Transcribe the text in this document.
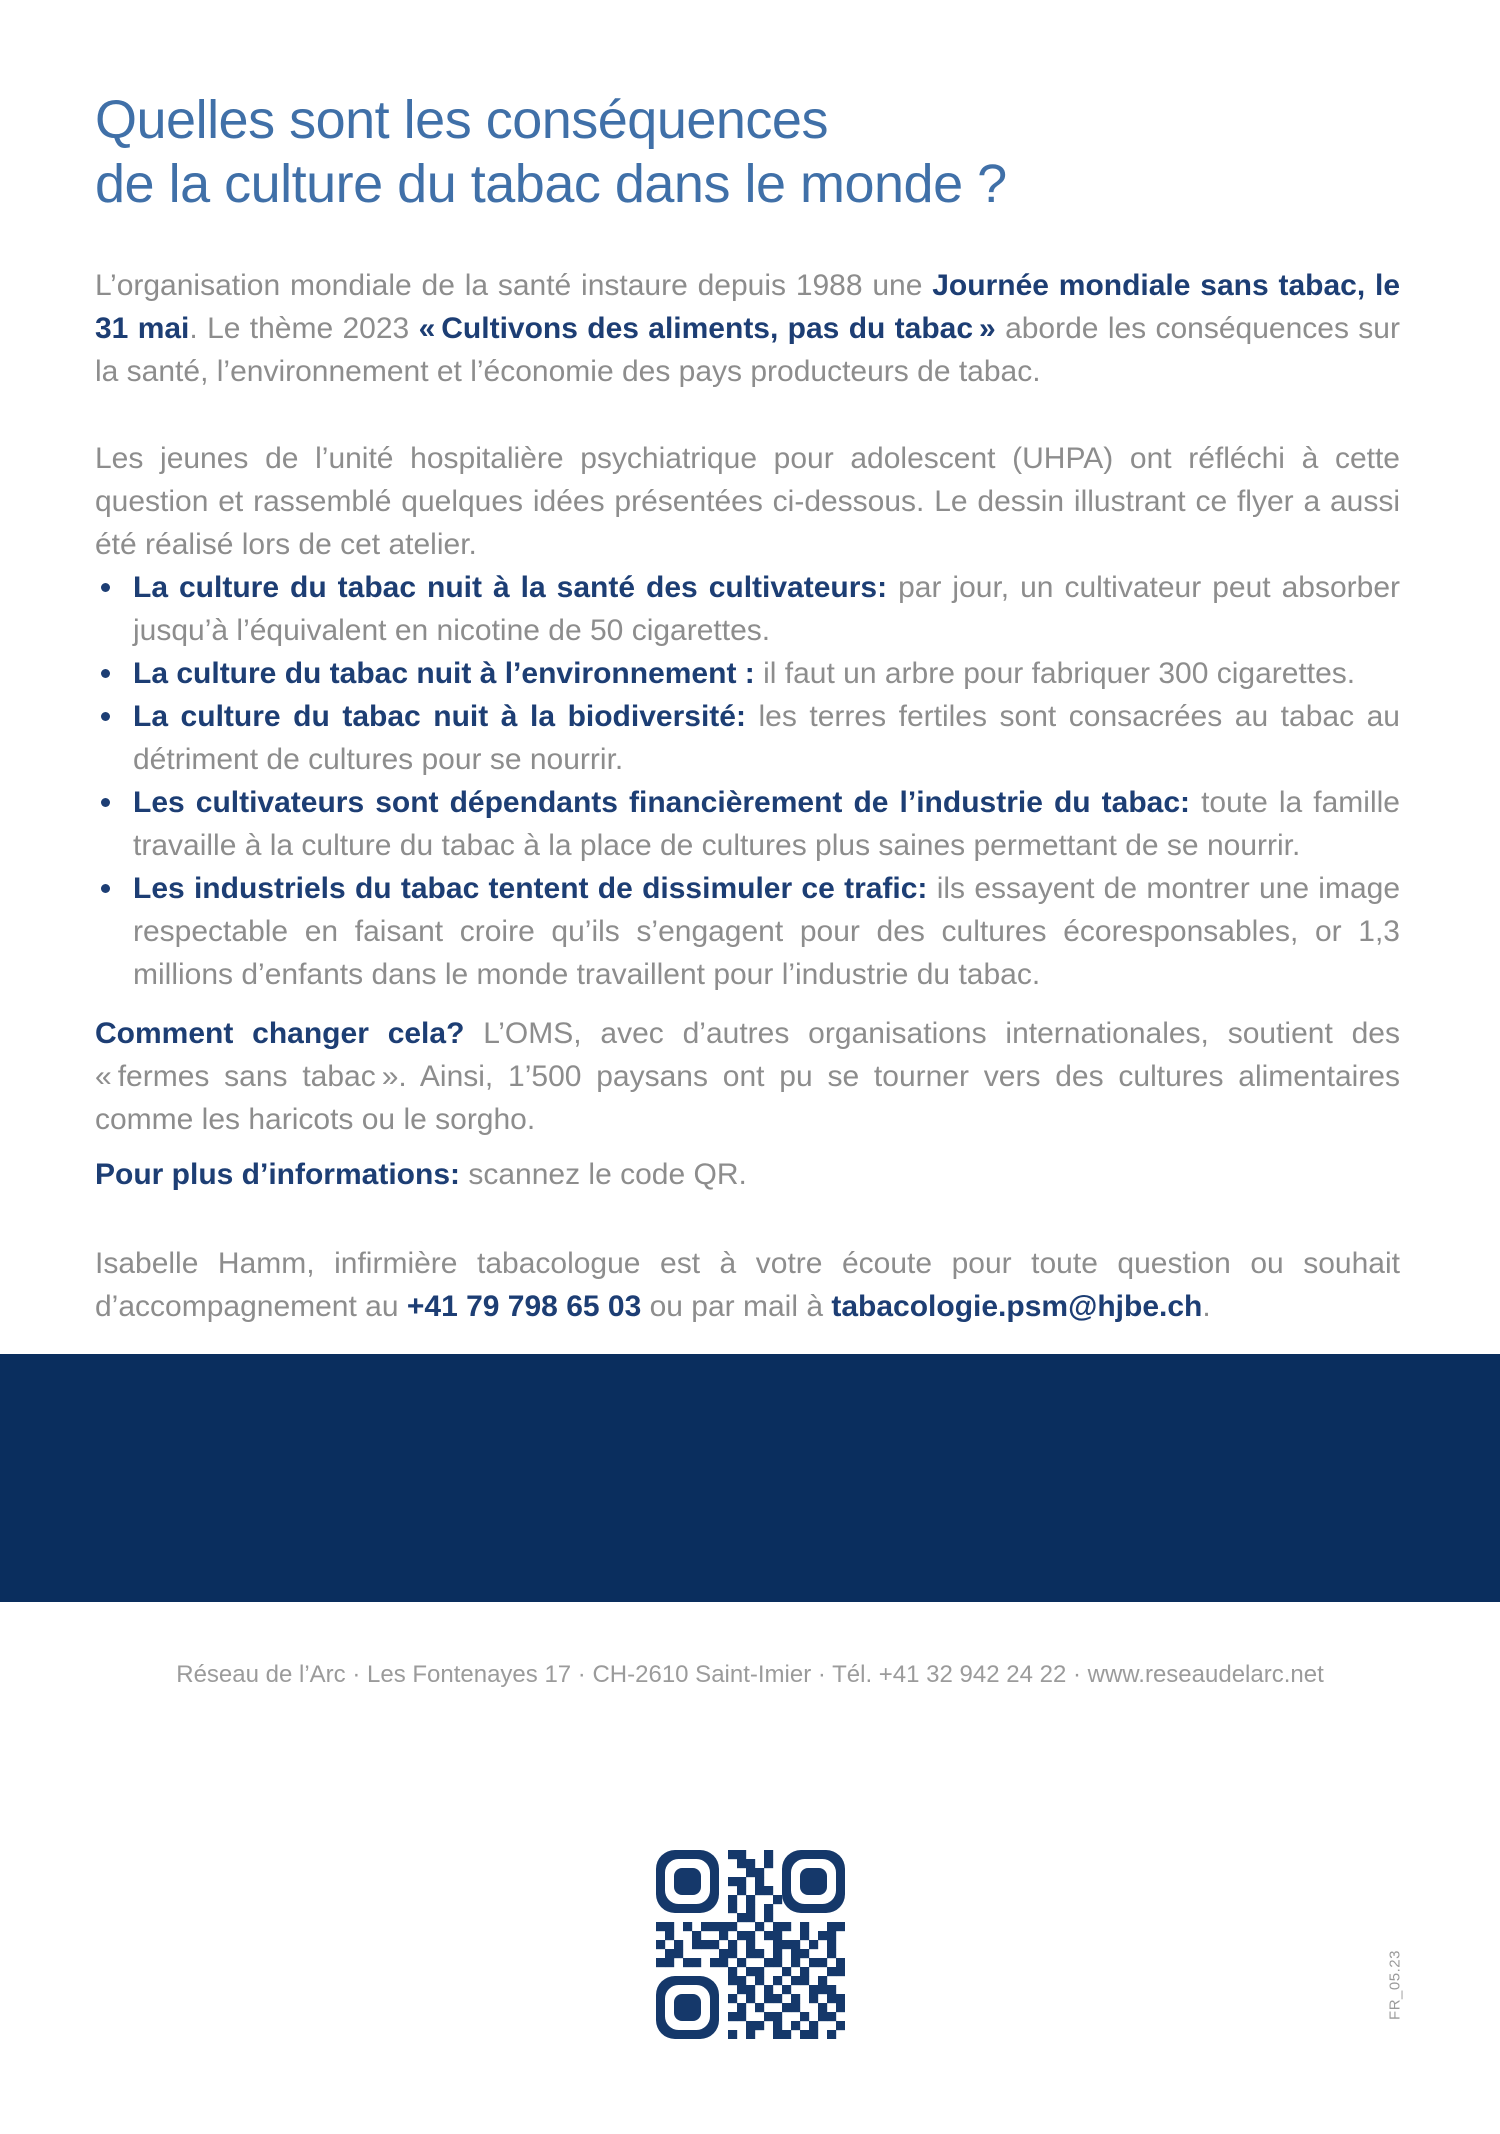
Quelles sont les conséquences
de la culture du tabac dans le monde ?

L’organisation mondiale de la santé instaure depuis 1988 une Journée mondiale sans tabac, le 31 mai. Le thème 2023 « Cultivons des aliments, pas du tabac » aborde les conséquences sur la santé, l’environnement et l’économie des pays producteurs de tabac.

Les jeunes de l’unité hospitalière psychiatrique pour adolescent (UHPA) ont réfléchi à cette question et rassemblé quelques idées présentées ci-dessous. Le dessin illustrant ce flyer a aussi été réalisé lors de cet atelier.

La culture du tabac nuit à la santé des cultivateurs: par jour, un cultivateur peut absorber jusqu’à l’équivalent en nicotine de 50 cigarettes.
La culture du tabac nuit à l’environnement : il faut un arbre pour fabriquer 300 cigarettes.
La culture du tabac nuit à la biodiversité: les terres fertiles sont consacrées au tabac au détriment de cultures pour se nourrir.
Les cultivateurs sont dépendants financièrement de l’industrie du tabac: toute la famille travaille à la culture du tabac à la place de cultures plus saines permettant de se nourrir.
Les industriels du tabac tentent de dissimuler ce trafic: ils essayent de montrer une image respectable en faisant croire qu’ils s’engagent pour des cultures écoresponsables, or 1,3 millions d’enfants dans le monde travaillent pour l’industrie du tabac.

Comment changer cela? L’OMS, avec d’autres organisations internationales, soutient des « fermes sans tabac ». Ainsi, 1’500 paysans ont pu se tourner vers des cultures alimentaires comme les haricots ou le sorgho.

Pour plus d’informations: scannez le code QR.

Isabelle Hamm, infirmière tabacologue est à votre écoute pour toute question ou souhait d’accompagnement au +41 79 798 65 03 ou par mail à tabacologie.psm@hjbe.ch.

Réseau de l’Arc · Les Fontenayes 17 · CH-2610 Saint-Imier · Tél. +41 32 942 24 22 · www.reseaudelarc.net
FR_05.23
